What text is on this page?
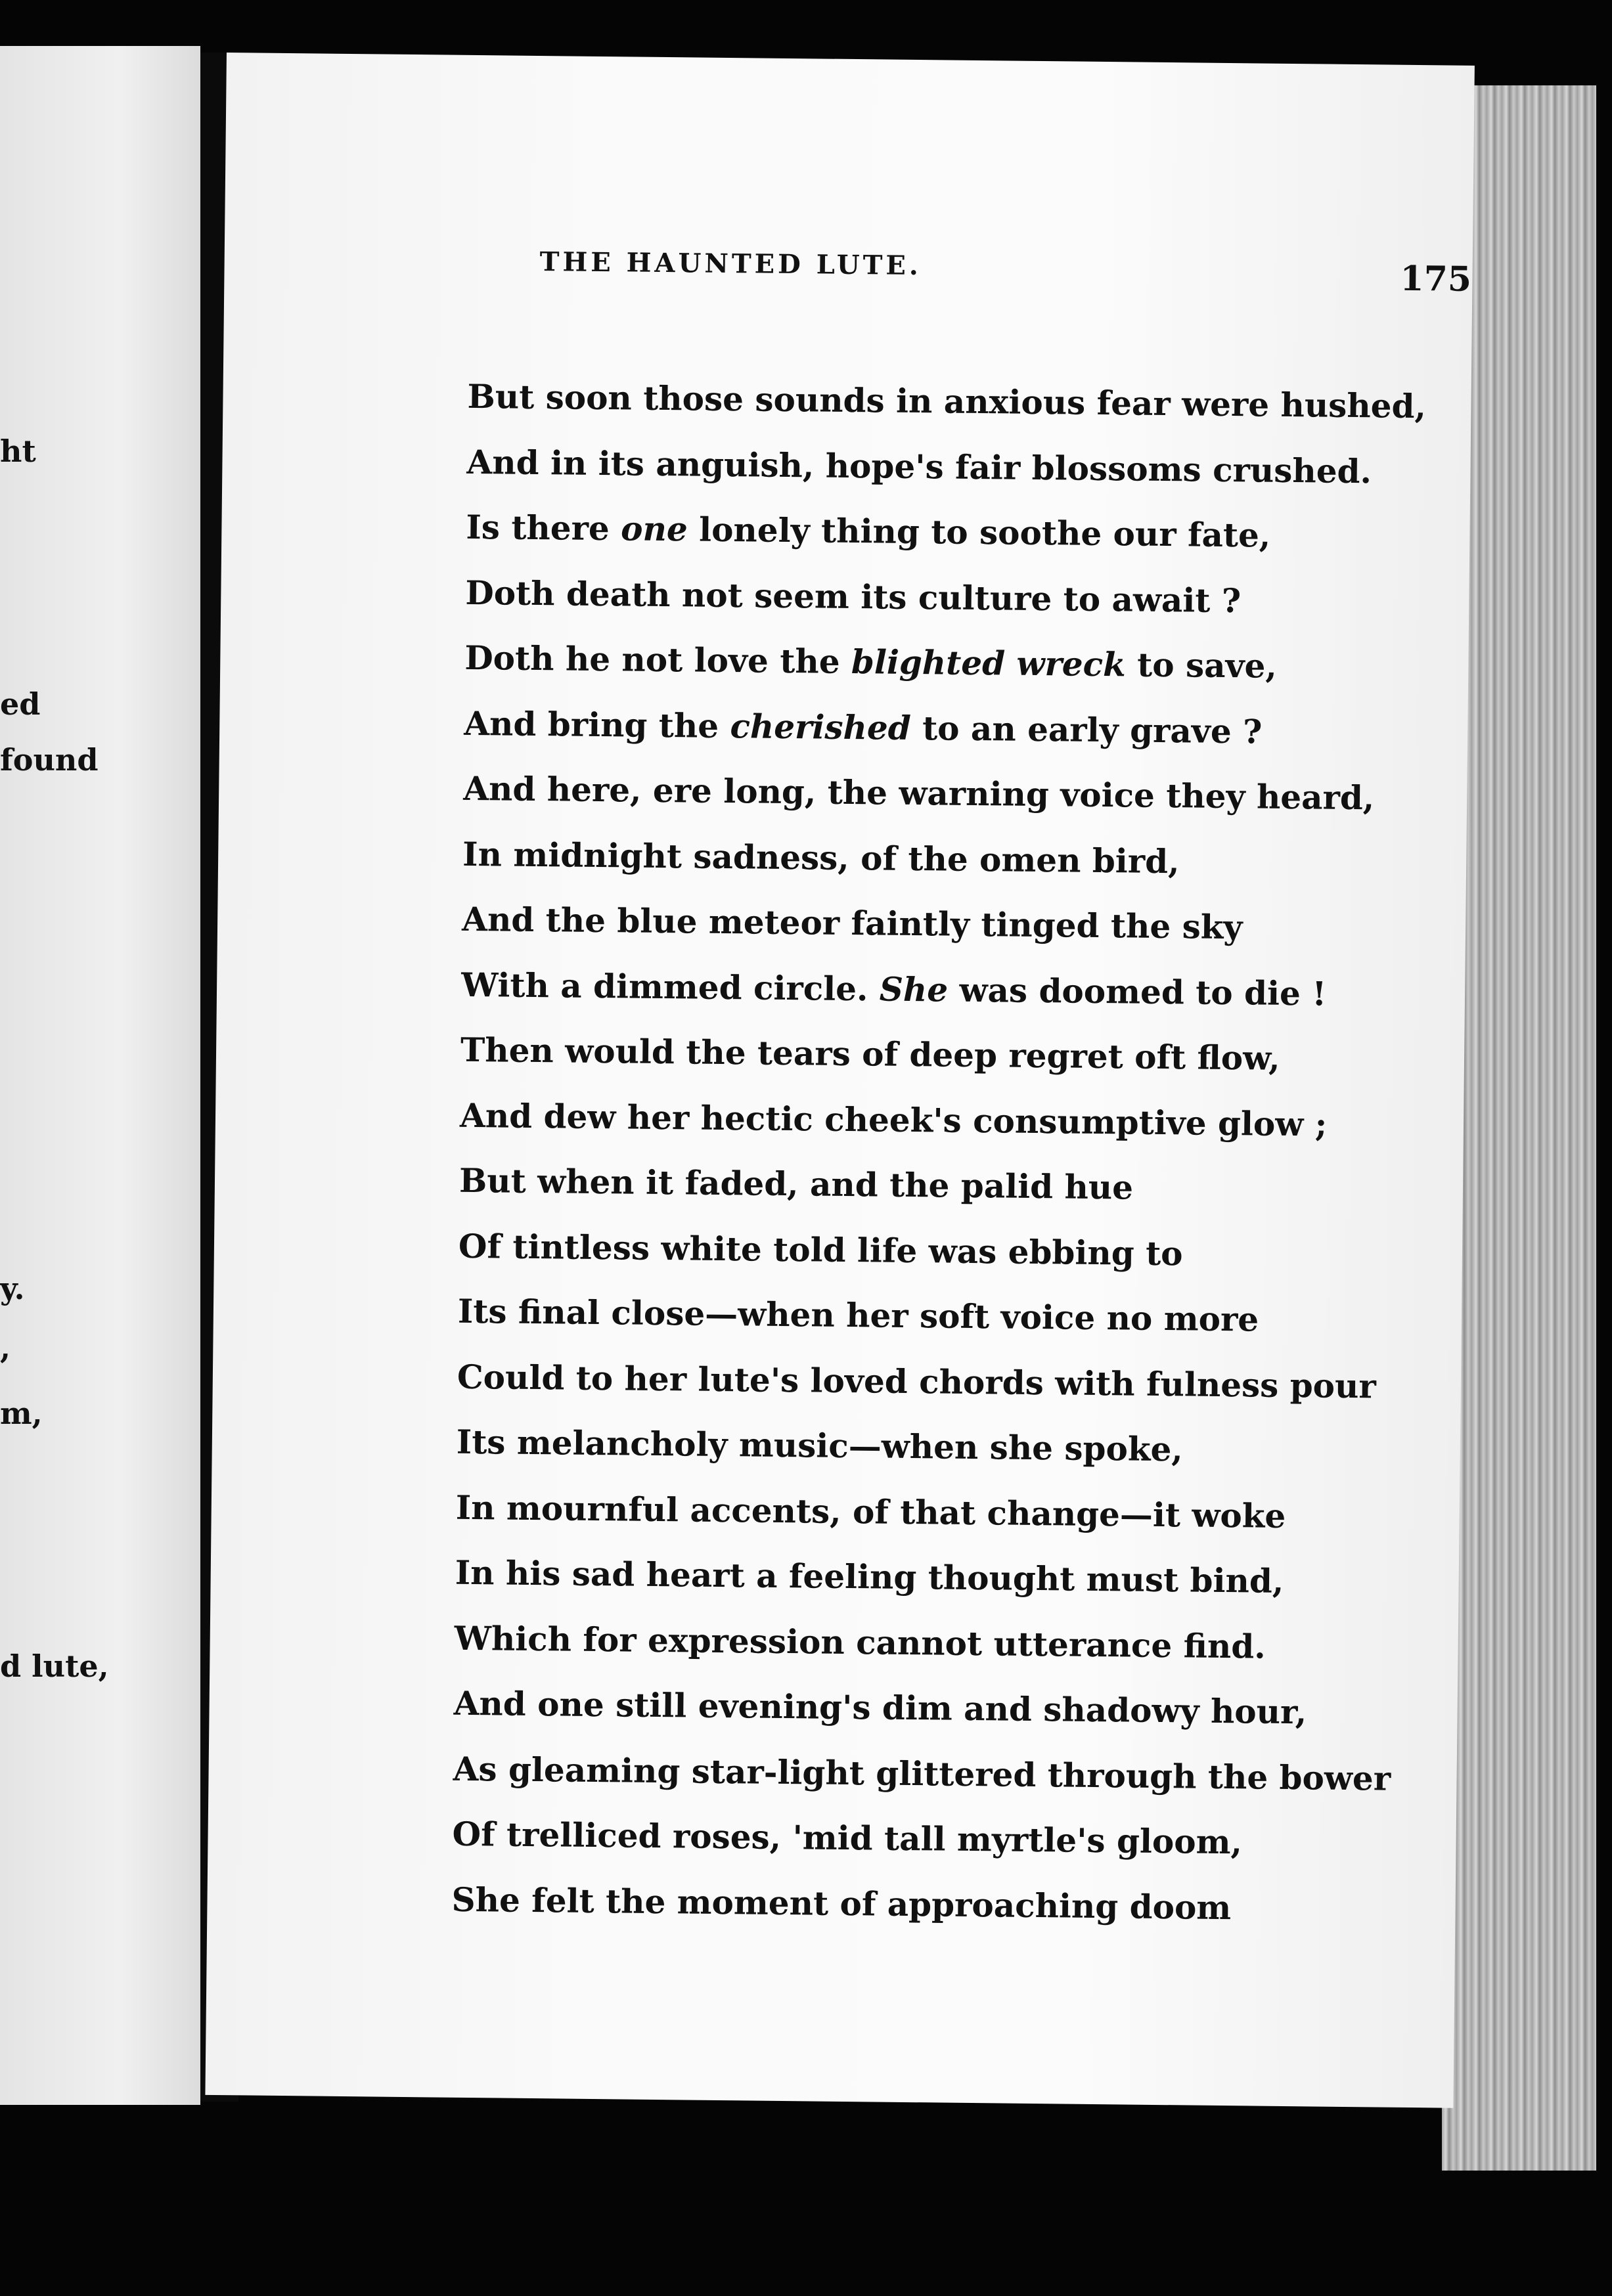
ht
ed
found
y.
,
m,
d lute,
THE HAUNTED LUTE.	175
But soon those sounds in anxious fear were hushed,
And in its anguish, hope's fair blossoms crushed.
Is there one lonely thing to soothe our fate,
Doth death not seem its culture to await ?
Doth he not love the blighted wreck to save,
And bring the cherished to an early grave ?
And here, ere long, the warning voice they heard,
In midnight sadness, of the omen bird,
And the blue meteor faintly tinged the sky
With a dimmed circle. She was doomed to die !
Then would the tears of deep regret oft flow,
And dew her hectic cheek's consumptive glow ;
But when it faded, and the palid hue
Of tintless white told life was ebbing to
Its final close—when her soft voice no more
Could to her lute's loved chords with fulness pour
Its melancholy music—when she spoke,
In mournful accents, of that change—it woke
In his sad heart a feeling thought must bind,
Which for expression cannot utterance find.
And one still evening's dim and shadowy hour,
As gleaming star-light glittered through the bower
Of trelliced roses, 'mid tall myrtle's gloom,
She felt the moment of approaching doom
